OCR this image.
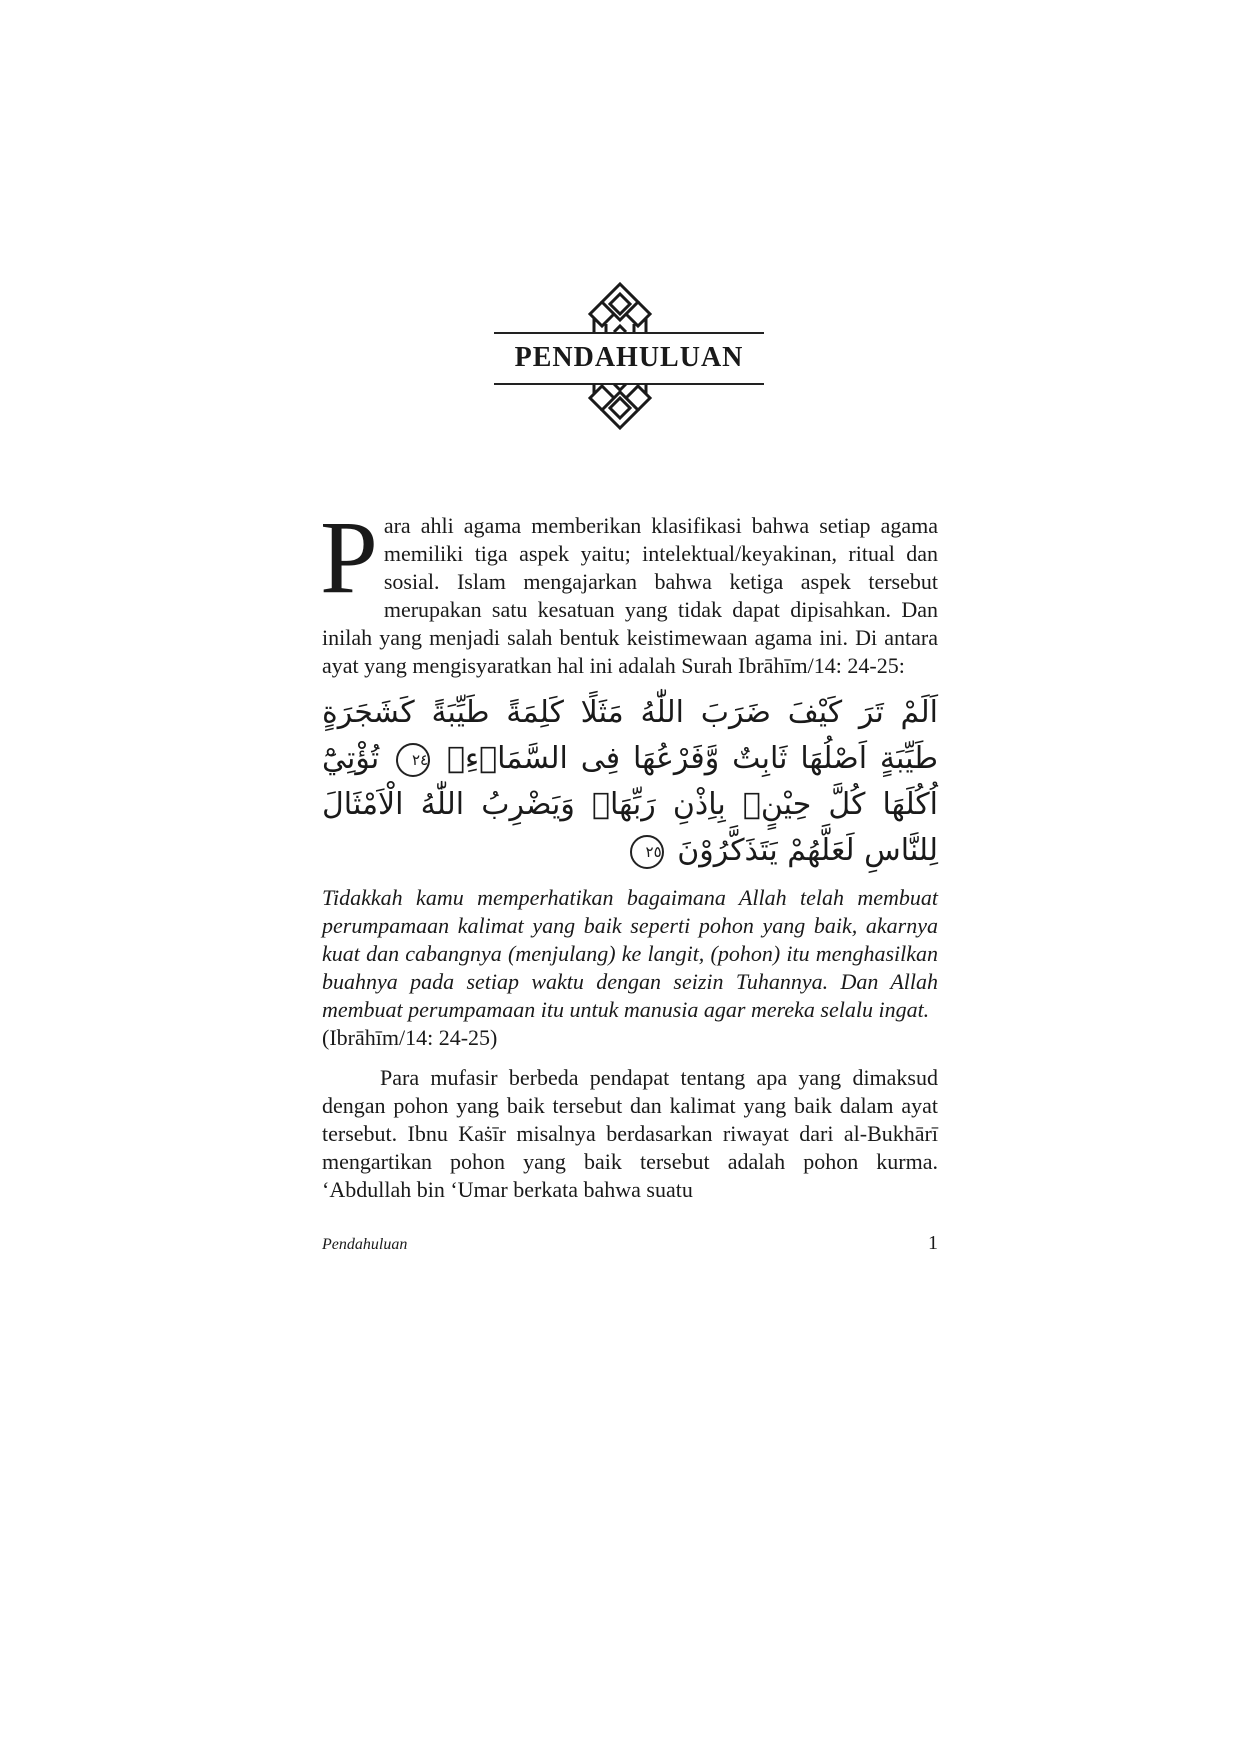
PENDAHULUAN

Para ahli agama memberikan klasifikasi bahwa setiap agama memiliki tiga aspek yaitu; intelektual/keyakinan, ritual dan sosial. Islam mengajarkan bahwa ketiga aspek tersebut merupakan satu kesatuan yang tidak dapat dipisahkan. Dan inilah yang menjadi salah bentuk keistimewaan agama ini. Di antara ayat yang mengisyaratkan hal ini adalah Surah Ibrāhīm/14: 24-25:

اَلَمْ تَرَ كَيْفَ ضَرَبَ اللّٰهُ مَثَلًا كَلِمَةً طَيِّبَةً كَشَجَرَةٍ طَيِّبَةٍ اَصْلُهَا ثَابِتٌ وَّفَرْعُهَا فِى السَّمَاۤءِۙ ٢٤ تُؤْتِيْٓ اُكُلَهَا كُلَّ حِيْنٍۢ بِاِذْنِ رَبِّهَاۗ وَيَضْرِبُ اللّٰهُ الْاَمْثَالَ لِلنَّاسِ لَعَلَّهُمْ يَتَذَكَّرُوْنَ ٢٥

Tidakkah kamu memperhatikan bagaimana Allah telah membuat perumpamaan kalimat yang baik seperti pohon yang baik, akarnya kuat dan cabangnya (menjulang) ke langit, (pohon) itu menghasilkan buahnya pada setiap waktu dengan seizin Tuhannya. Dan Allah membuat perumpamaan itu untuk manusia agar mereka selalu ingat.

(Ibrāhīm/14: 24-25)

Para mufasir berbeda pendapat tentang apa yang dimaksud dengan pohon yang baik tersebut dan kalimat yang baik dalam ayat tersebut. Ibnu Kaṡīr misalnya berdasarkan riwayat dari al-Bukhārī mengartikan pohon yang baik tersebut adalah pohon kurma. ‘Abdullah bin ‘Umar berkata bahwa suatu

Pendahuluan	1
